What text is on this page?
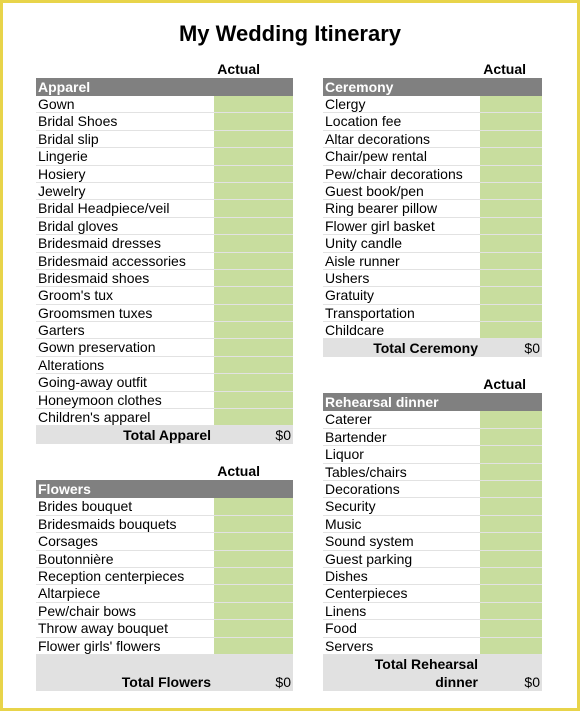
My Wedding Itinerary
Actual
Apparel
Gown
Bridal Shoes
Bridal slip
Lingerie
Hosiery
Jewelry
Bridal Headpiece/veil
Bridal gloves
Bridesmaid dresses
Bridesmaid accessories
Bridesmaid shoes
Groom's tux
Groomsmen tuxes
Garters
Gown preservation
Alterations
Going-away outfit
Honeymoon clothes
Children's apparel
Total Apparel	$0
Actual
Flowers
Brides bouquet
Bridesmaids bouquets
Corsages
Boutonnière
Reception centerpieces
Altarpiece
Pew/chair bows
Throw away bouquet
Flower girls' flowers
Total Flowers	$0
Actual
Ceremony
Clergy
Location fee
Altar decorations
Chair/pew rental
Pew/chair decorations
Guest book/pen
Ring bearer pillow
Flower girl basket
Unity candle
Aisle runner
Ushers
Gratuity
Transportation
Childcare
Total Ceremony	$0
Actual
Rehearsal dinner
Caterer
Bartender
Liquor
Tables/chairs
Decorations
Security
Music
Sound system
Guest parking
Dishes
Centerpieces
Linens
Food
Servers
Total Rehearsal
dinner	$0
